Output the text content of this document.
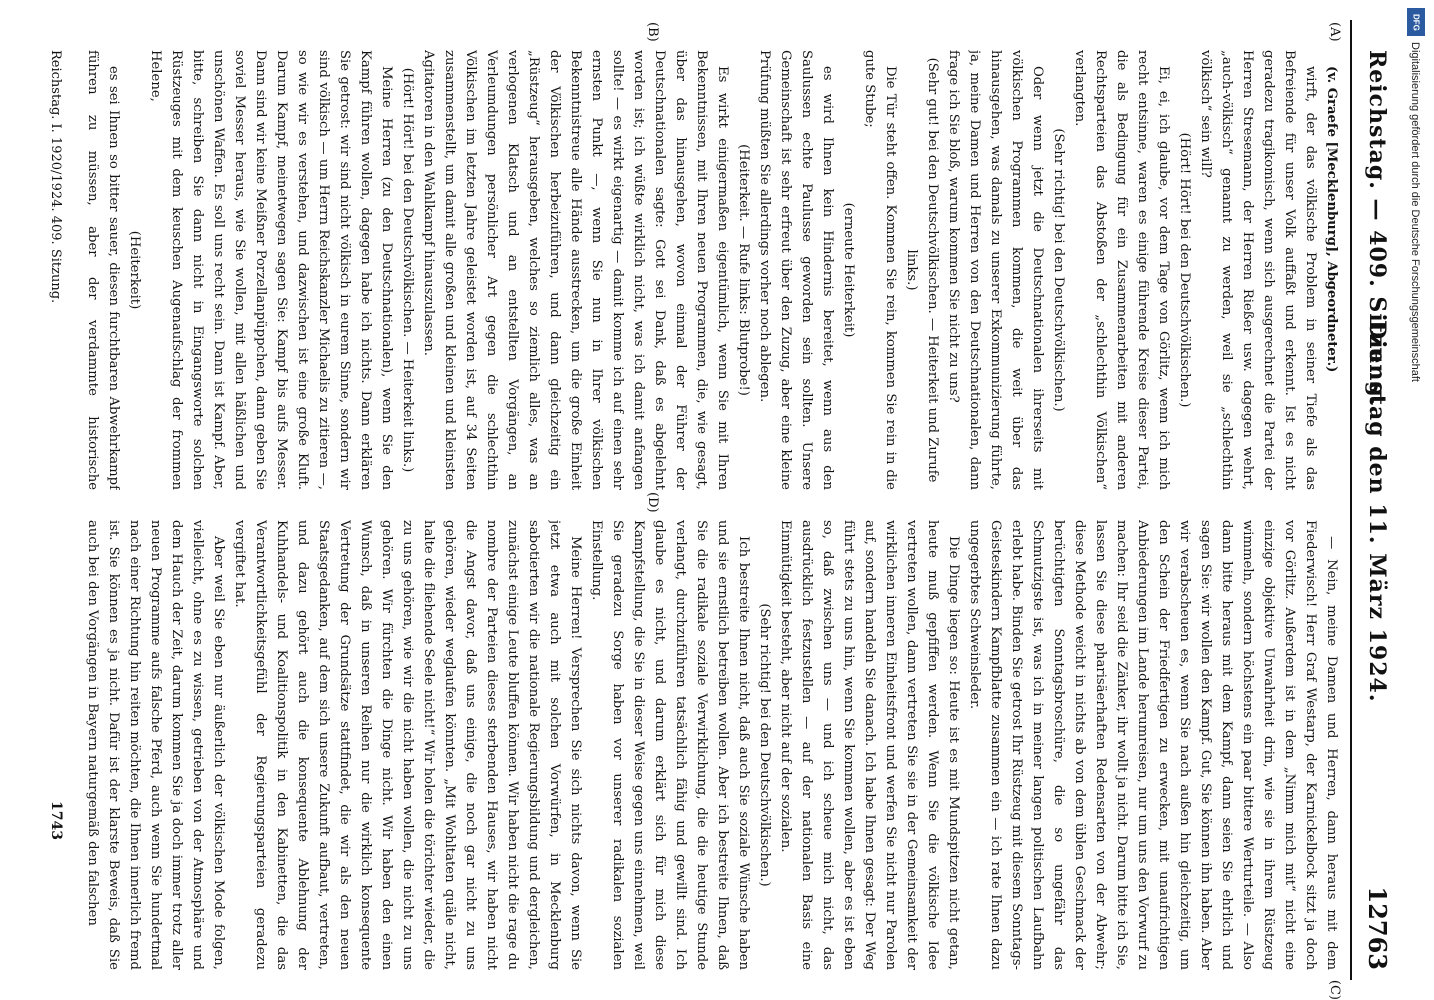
Reichstag. — 409. Sitzung.
Dienstag den 11. März 1924.
12763
(A)
(B)
(C)
(D)

(v. Graefe [Mecklenburg], Abgeordneter.)

wirft, der das völkische Problem in seiner Tiefe als das Befreiende für unser Volk auffaßt und erkennt. Ist es nicht geradezu tragikomisch, wenn sich ausgerechnet die Partei der Herren Stresemann, der Herren Rießer usw. dagegen wehrt, „auch-völkisch“ genannt zu werden, weil sie „schlechthin völkisch“ sein will?

(Hört! Hört! bei den Deutschvölkischen.)

Ei, ei, ich glaube, vor dem Tage von Görlitz, wenn ich mich recht entsinne, waren es einige führende Kreise dieser Partei, die als Bedingung für ein Zusammenarbeiten mit anderen Rechtsparteien das Abstoßen der „schlechthin Völkischen“ verlangten.

(Sehr richtig! bei den Deutschvölkischen.)

Oder wenn jetzt die Deutschnationalen ihrerseits mit völkischen Programmen kommen, die weit über das hinausgehen, was damals zu unserer Exkommunizierung führte, ja, meine Damen und Herren von den Deutschnationalen, dann frage ich Sie bloß, warum kommen Sie nicht zu uns?

(Sehr gut! bei den Deutschvölkischen. — Heiterkeit und Zurufe links.)

Die Tür steht offen. Kommen Sie rein, kommen Sie rein in die gute Stube;

(erneute Heiterkeit)

es wird Ihnen kein Hindernis bereitet, wenn aus den Saulussen echte Paulusse geworden sein sollten. Unsere Gemeinschaft ist sehr erfreut über den Zuzug, aber eine kleine Prüfung müßten Sie allerdings vorher noch ablegen.

(Heiterkeit. — Rufe links: Blutprobe!)

Es wirkt einigermaßen eigentümlich, wenn Sie mit Ihren Bekenntnissen, mit Ihren neuen Programmen, die, wie gesagt, über das hinausgehen, wovon einmal der Führer der Deutschnationalen sagte: Gott sei Dank, daß es abgelehnt worden ist; ich wüßte wirklich nicht, was ich damit anfangen sollte! — es wirkt eigenartig — damit komme ich auf einen sehr ernsten Punkt —, wenn Sie nun in Ihrer völkischen Bekenntnistreue alle Hände ausstrecken, um die große Einheit der Völkischen herbeizuführen, und dann gleichzeitig ein „Rüstzeug“ herausgeben, welches so ziemlich alles, was an verlogenen Klatsch und an entstellten Vorgängen, an Verleumdungen persönlicher Art gegen die schlechthin Völkischen im letzten Jahre geleistet worden ist, auf 34 Seiten zusammenstellt, um damit alle großen und kleinen und kleinsten Agitatoren in den Wahlkampf hinauszulassen.

(Hört! Hört! bei den Deutschvölkischen. — Heiterkeit links.)

Meine Herren (zu den Deutschnationalen), wenn Sie den Kampf führen wollen, dagegen habe ich nichts. Dann erklären Sie getrost: wir sind nicht völkisch in eurem Sinne, sondern wir sind völkisch — um Herrn Reichskanzler Michaelis zu zitieren —, so wie wir es verstehen, und dazwischen ist eine große Kluft. Darum Kampf, meinetwegen sagen Sie: Kampf bis aufs Messer. Dann sind wir keine Meißner Porzellanpüppchen, dann geben Sie soviel Messer heraus, wie Sie wollen, mit allen häßlichen und unschönen Waffen. Es soll uns recht sein. Dann ist Kampf. Aber, bitte, schreiben Sie dann nicht in Eingangsworte solchen Rüstzeuges mit dem keuschen Augenaufschlag der frommen Helene,

(Heiterkeit)

es sei Ihnen so bitter sauer, diesen furchtbaren Abwehrkampf führen zu müssen, aber der verdammte historische

— Nein, meine Damen und Herren, dann heraus mit dem Fiederwisch! Herr Graf Westarp, der Karnickelbock sitzt ja doch vor Görlitz. Außerdem ist in dem „Nimm mich mit“ nicht eine einzige objektive Unwahrheit drin, wie sie in ihrem Rüstzeug wimmeln, sondern höchstens ein paar bittere Werturteile. — Also dann bitte heraus mit dem Kampf, dann seien Sie ehrlich und sagen Sie: wir wollen den Kampf. Gut, Sie können ihn haben. Aber wir verabscheuen es, wenn Sie nach außen hin gleichzeitig, um den Schein der Friedfertigen zu erwecken, mit unaufrichtigen Anbiederungen im Lande herumreisen, nur um uns den Vorwurf zu machen: Ihr seid die Zänker, ihr wollt ja nicht. Darum bitte ich Sie, lassen Sie diese pharisäerhaften Redensarten von der Abwehr; diese Methode weicht in nichts ab von dem üblen Geschmack der berüchtigten Sonntagsbroschüre, die so ungefähr das Schmutzigste ist, was ich in meiner langen politischen Laufbahn erlebt habe. Binden Sie getrost Ihr Rüstzeug mit diesem Sonntags-Geisteskindern Kampfblatte zusammen ein — ich rate Ihnen dazu ungegerbtes Schweinsleder.

Die Dinge liegen so: Heute ist es mit Mundspitzen nicht getan, heute muß gepfiffen werden. Wenn Sie die völkische Idee vertreten wollen, dann vertreten Sie sie in der Gemeinsamkeit der wirklichen inneren Einheitsfront und werfen Sie nicht nur Parolen auf, sondern handeln Sie danach. Ich habe Ihnen gesagt: Der Weg führt stets zu uns hin, wenn Sie kommen wollen, aber es ist eben so, daß zwischen uns — und ich scheue mich nicht, das ausdrücklich festzustellen — auf der nationalen Basis eine Einmütigkeit besteht, aber nicht auf der sozialen.

(Sehr richtig! bei den Deutschvölkischen.)

Ich bestreite Ihnen nicht, daß auch Sie soziale Wünsche haben und sie ernstlich betreiben wollen. Aber ich bestreite Ihnen, daß Sie die radikale soziale Verwirklichung, die die heutige Stunde verlangt, durchzuführen tatsächlich fähig und gewillt sind. Ich glaube es nicht, und darum erklärt sich für mich diese Kampfstellung, die Sie in dieser Weise gegen uns einnehmen, weil Sie geradezu Sorge haben vor unserer radikalen sozialen Einstellung.

Meine Herren! Versprechen Sie sich nichts davon, wenn Sie jetzt etwa auch mit solchen Vorwürfen, in Mecklenburg sabotierten wir die nationale Regierungsbildung und dergleichen, zunächst einige Leute bluffen können. Wir haben nicht die rage du nombre der Parteien dieses sterbenden Hauses, wir haben nicht die Angst davor, daß uns einige, die noch gar nicht zu uns gehören, wieder weglaufen könnten. „Mit Wohltaten quäle nicht, halte die fliehende Seele nicht!“ Wir holen die törichter wieder, die zu uns gehören, wie wir die nicht haben wollen, die nicht zu uns gehören. Wir fürchten die Dinge nicht. Wir haben den einen Wunsch, daß in unseren Reihen nur die wirklich konsequente Vertretung der Grundsätze stattfindet, die wir als den neuen Staatsgedanken, auf dem sich unsere Zukunft aufbaut, vertreten, und dazu gehört auch die konsequente Ablehnung der Kuhhandels- und Koalitionspolitik in den Kabinetten, die das Verantwortlichkeitsgefühl der Regierungsparteien geradezu vergiftet hat.

Aber weil Sie eben nur äußerlich der völkischen Mode folgen, vielleicht, ohne es zu wissen, getrieben von der Atmosphäre und dem Hauch der Zeit, darum kommen Sie ja doch immer trotz aller neuen Programme aufs falsche Pferd, auch wenn Sie hundertmal nach einer Richtung hin reiten möchten, die Ihnen innerlich fremd ist. Sie können es ja nicht. Dafür ist der klarste Beweis, daß Sie auch bei den Vorgängen in Bayern naturgemäß den falschen

Reichstag. I. 1920/1924. 409. Sitzung.
1743
DFG
Digitalisierung gefördert durch die Deutsche Forschungsgemeinschaft
